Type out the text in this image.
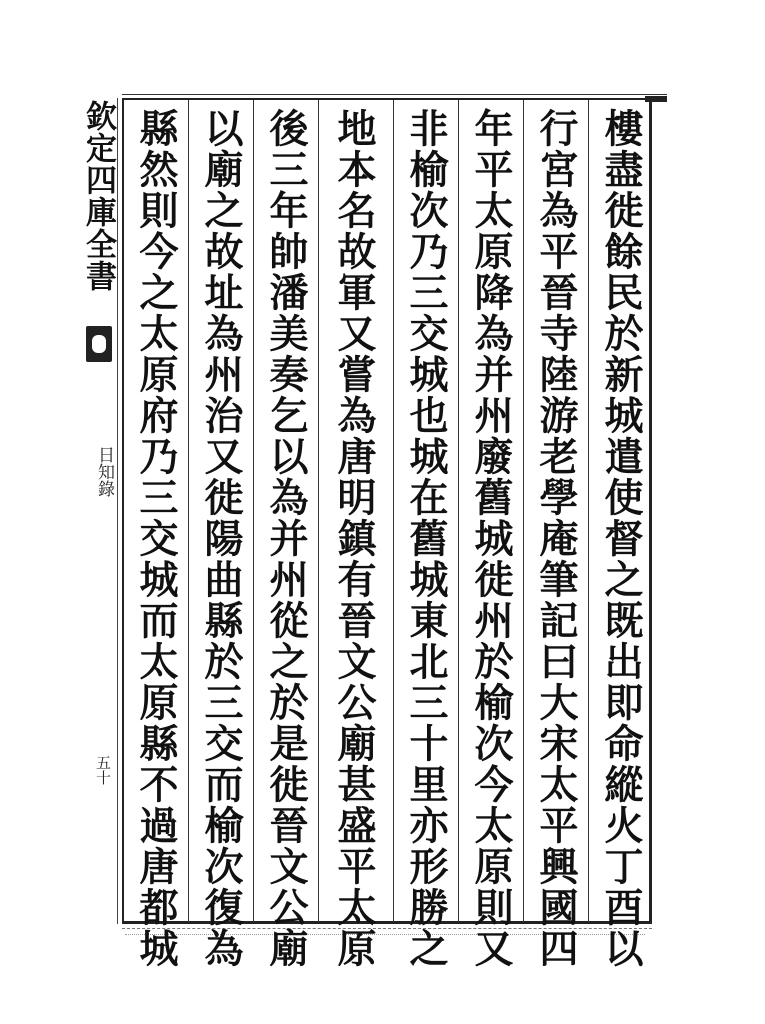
樓盡徙餘民於新城遣使督之既出即命縱火丁酉以
行宮為平晉寺陸游老學庵筆記曰大宋太平興國四
年平太原降為并州廢舊城徙州於榆次今太原則又
非榆次乃三交城也城在舊城東北三十里亦形勝之
地本名故軍又嘗為唐明鎮有晉文公廟甚盛平太原
後三年帥潘美奏乞以為并州從之於是徙晉文公廟
以廟之故址為州治又徙陽曲縣於三交而榆次復為
縣然則今之太原府乃三交城而太原縣不過唐都城
欽定四庫全書
日知錄
五十
